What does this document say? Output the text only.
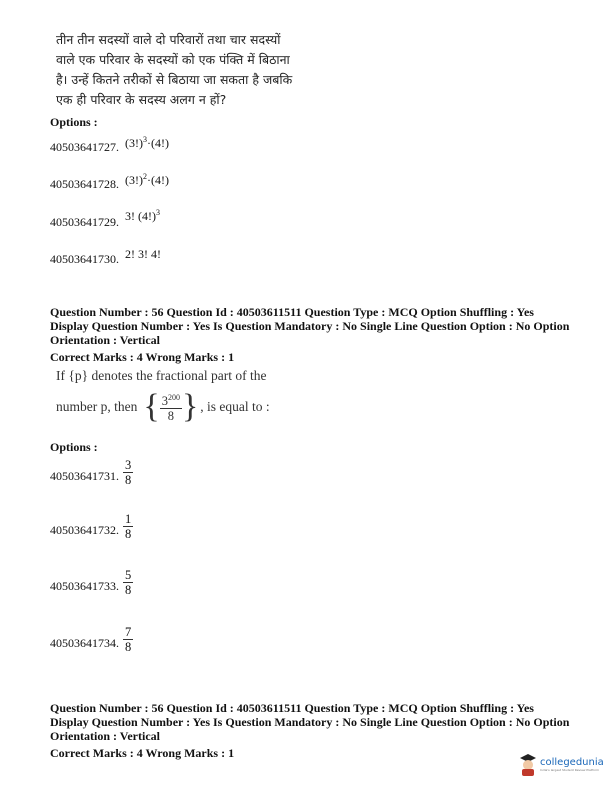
तीन तीन सदस्यों वाले दो परिवारों तथा चार सदस्यों
वाले एक परिवार के सदस्यों को एक पंक्ति में बिठाना
है। उन्हें कितने तरीकों से बिठाया जा सकता है जबकि
एक ही परिवार के सदस्य अलग न हों?
Options :
40503641727. $^{(3!)^3\cdot(4!)}$
40503641728. $^{(3!)^2\cdot(4!)}$
40503641729. $^{3! (4!)^3}$
40503641730. $^{2! 3! 4!}$
Question Number : 56 Question Id : 40503611511 Question Type : MCQ Option Shuffling : Yes
Display Question Number : Yes Is Question Mandatory : No Single Line Question Option : No Option
Orientation : Vertical
Correct Marks : 4 Wrong Marks : 1
If {p} denotes the fractional part of the
number p, then { $\frac{3^{200}}{8}$ } , is equal to :
Options :
40503641731. $\frac{3}{8}$
40503641732. $\frac{1}{8}$
40503641733. $\frac{5}{8}$
40503641734. $\frac{7}{8}$
Question Number : 56 Question Id : 40503611511 Question Type : MCQ Option Shuffling : Yes
Display Question Number : Yes Is Question Mandatory : No Single Line Question Option : No Option
Orientation : Vertical
Correct Marks : 4 Wrong Marks : 1
collegedunia
India's largest Student Review Platform
